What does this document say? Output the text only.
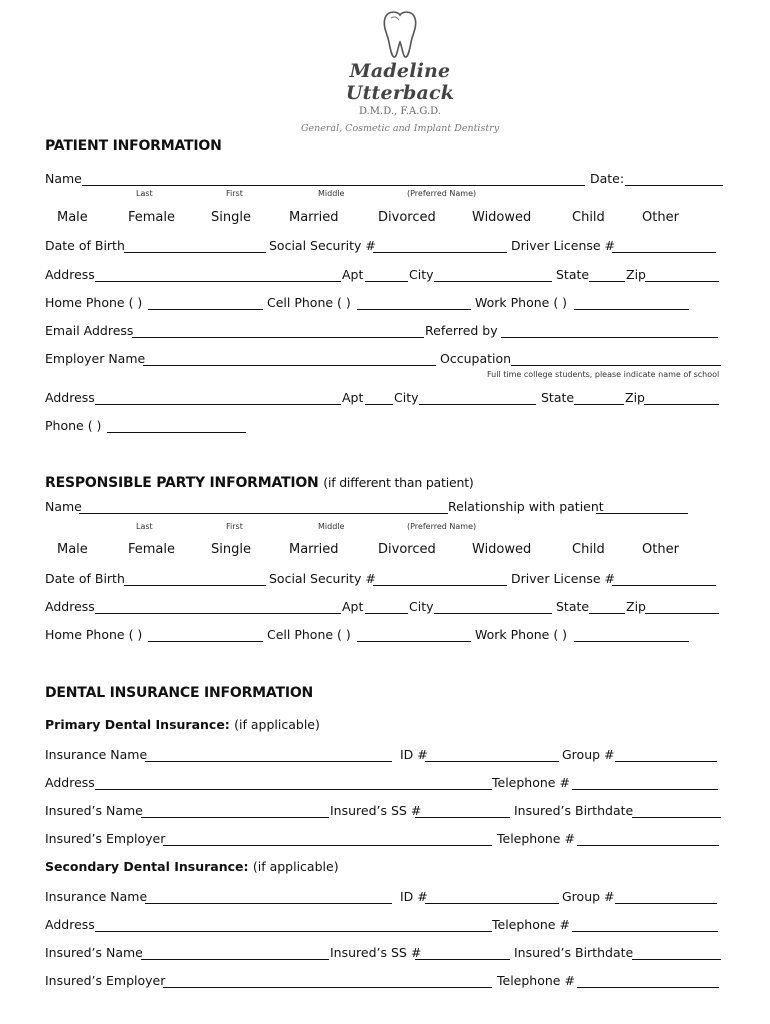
Madeline Utterback
D.M.D., F.A.G.D.
General, Cosmetic and Implant Dentistry
PATIENT INFORMATION
Name	Date:
Last	First	Middle	(Preferred Name)
Male	Female	Single	Married	Divorced	Widowed	Child	Other
Date of Birth	Social Security #	Driver License #
Address	Apt	City	State	Zip
Home Phone ( )	Cell Phone ( )	Work Phone ( )
Email Address	Referred by
Employer Name	Occupation
Full time college students, please indicate name of school
Address	Apt City	State	Zip
Phone ( )
RESPONSIBLE PARTY INFORMATION (if different than patient)
Name	Relationship with patient
Last	First	Middle	(Preferred Name)
Male	Female	Single	Married	Divorced	Widowed	Child	Other
Date of Birth	Social Security #	Driver License #
Address	Apt	City	State	Zip
Home Phone ( )	Cell Phone ( )	Work Phone ( )
DENTAL INSURANCE INFORMATION
Primary Dental Insurance: (if applicable)
Insurance Name	ID #	Group #
Address	Telephone #
Insured’s Name	Insured’s SS #	Insured’s Birthdate
Insured’s Employer	Telephone #
Secondary Dental Insurance: (if applicable)
Insurance Name	ID #	Group #
Address	Telephone #
Insured’s Name	Insured’s SS #	Insured’s Birthdate
Insured’s Employer	Telephone #
